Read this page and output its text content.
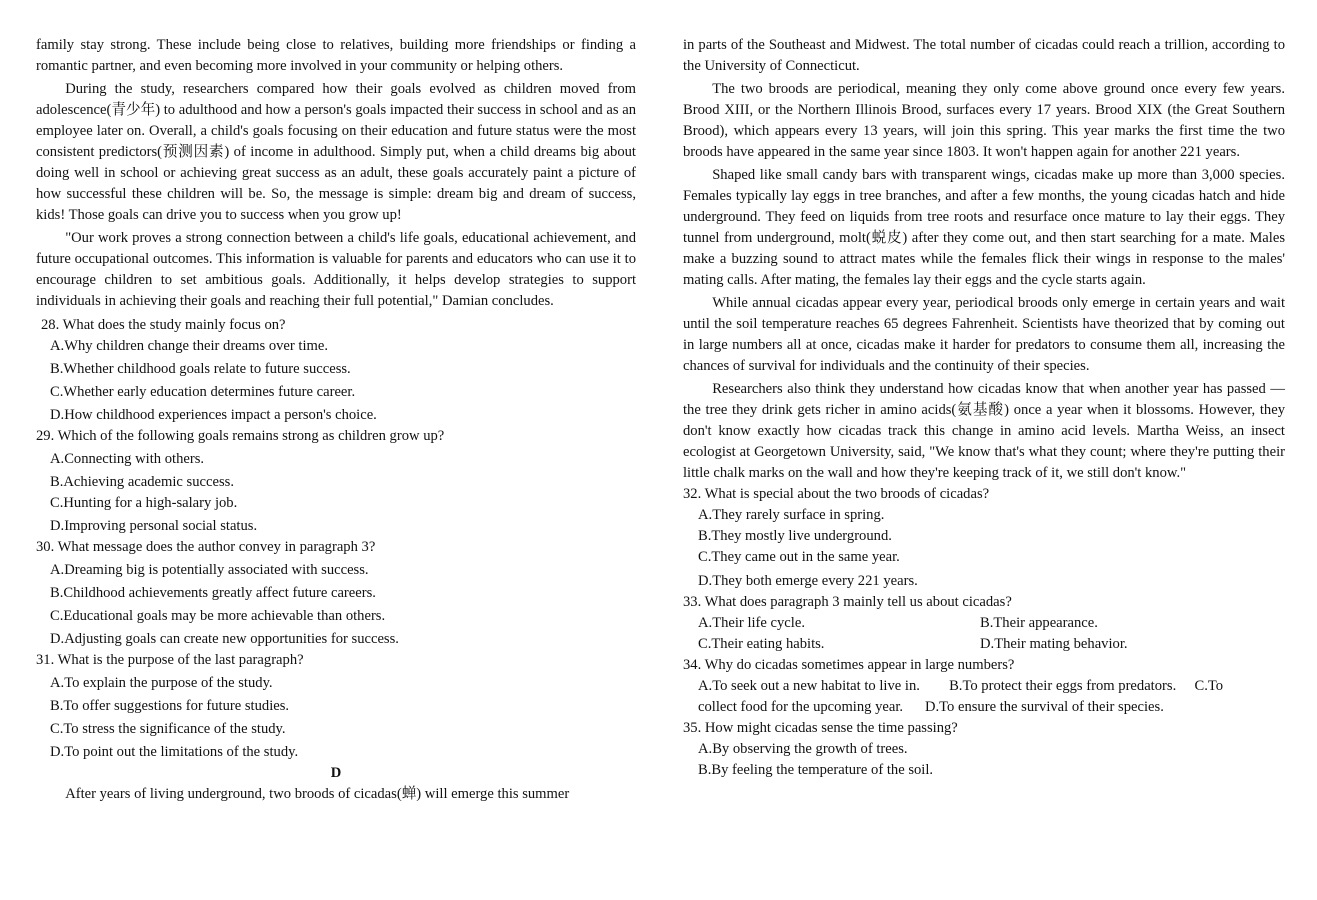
family stay strong. These include being close to relatives, building more friendships or finding a romantic partner, and even becoming more involved in your community or helping others.

During the study, researchers compared how their goals evolved as children moved from adolescence(青少年) to adulthood and how a person's goals impacted their success in school and as an employee later on. Overall, a child's goals focusing on their education and future status were the most consistent predictors(预测因素) of income in adulthood. Simply put, when a child dreams big about doing well in school or achieving great success as an adult, these goals accurately paint a picture of how successful these children will be. So, the message is simple: dream big and dream of success, kids! Those goals can drive you to success when you grow up!

"Our work proves a strong connection between a child's life goals, educational achievement, and future occupational outcomes. This information is valuable for parents and educators who can use it to encourage children to set ambitious goals. Additionally, it helps develop strategies to support individuals in achieving their goals and reaching their full potential," Damian concludes.

28. What does the study mainly focus on?
A.Why children change their dreams over time.
B.Whether childhood goals relate to future success.
C.Whether early education determines future career.
D.How childhood experiences impact a person's choice.
29. Which of the following goals remains strong as children grow up?
A.Connecting with others.
B.Achieving academic success.
C.Hunting for a high-salary job.
D.Improving personal social status.
30. What message does the author convey in paragraph 3?
A.Dreaming big is potentially associated with success.
B.Childhood achievements greatly affect future careers.
C.Educational goals may be more achievable than others.
D.Adjusting goals can create new opportunities for success.
31. What is the purpose of the last paragraph?
A.To explain the purpose of the study.
B.To offer suggestions for future studies.
C.To stress the significance of the study.
D.To point out the limitations of the study.
D

After years of living underground, two broods of cicadas(蝉) will emerge this summer

in parts of the Southeast and Midwest. The total number of cicadas could reach a trillion, according to the University of Connecticut.

The two broods are periodical, meaning they only come above ground once every few years. Brood XIII, or the Northern Illinois Brood, surfaces every 17 years. Brood XIX (the Great Southern Brood), which appears every 13 years, will join this spring. This year marks the first time the two broods have appeared in the same year since 1803. It won't happen again for another 221 years.

Shaped like small candy bars with transparent wings, cicadas make up more than 3,000 species. Females typically lay eggs in tree branches, and after a few months, the young cicadas hatch and hide underground. They feed on liquids from tree roots and resurface once mature to lay their eggs. They tunnel from underground, molt(蜕皮) after they come out, and then start searching for a mate. Males make a buzzing sound to attract mates while the females flick their wings in response to the males' mating calls. After mating, the females lay their eggs and the cycle starts again.

While annual cicadas appear every year, periodical broods only emerge in certain years and wait until the soil temperature reaches 65 degrees Fahrenheit. Scientists have theorized that by coming out in large numbers all at once, cicadas make it harder for predators to consume them all, increasing the chances of survival for individuals and the continuity of their species.

Researchers also think they understand how cicadas know that when another year has passed — the tree they drink gets richer in amino acids(氨基酸) once a year when it blossoms. However, they don't know exactly how cicadas track this change in amino acid levels. Martha Weiss, an insect ecologist at Georgetown University, said, "We know that's what they count; where they're putting their little chalk marks on the wall and how they're keeping track of it, we still don't know."

32. What is special about the two broods of cicadas?
A.They rarely surface in spring.
B.They mostly live underground.
C.They came out in the same year.
D.They both emerge every 221 years.
33. What does paragraph 3 mainly tell us about cicadas?
A.Their life cycle.	B.Their appearance.
C.Their eating habits.	D.Their mating behavior.
34. Why do cicadas sometimes appear in large numbers?
A.To seek out a new habitat to live in.        B.To protect their eggs from predators.     C.To
collect food for the upcoming year.      D.To ensure the survival of their species.
35. How might cicadas sense the time passing?
A.By observing the growth of trees.
B.By feeling the temperature of the soil.
